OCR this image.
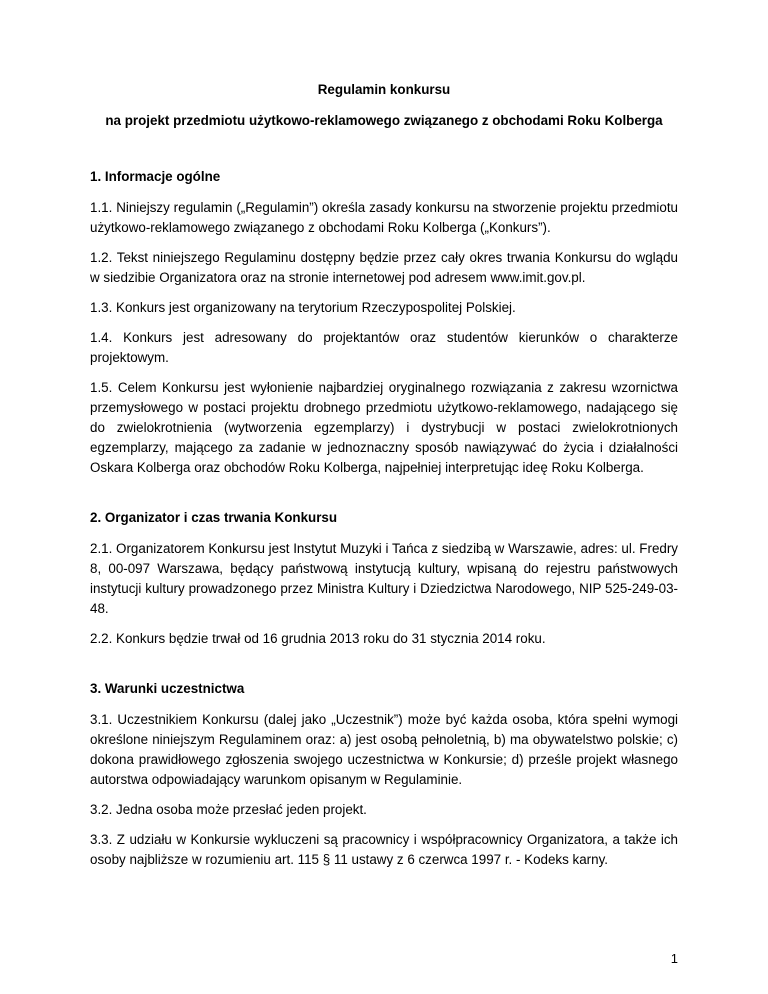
Regulamin konkursu

na projekt przedmiotu użytkowo-reklamowego związanego z obchodami Roku Kolberga

1. Informacje ogólne

1.1. Niniejszy regulamin („Regulamin”) określa zasady konkursu na stworzenie projektu przedmiotu użytkowo-reklamowego związanego z obchodami Roku Kolberga („Konkurs”).

1.2. Tekst niniejszego Regulaminu dostępny będzie przez cały okres trwania Konkursu do wglądu w siedzibie Organizatora oraz na stronie internetowej pod adresem www.imit.gov.pl.

1.3. Konkurs jest organizowany na terytorium Rzeczypospolitej Polskiej.

1.4. Konkurs jest adresowany do projektantów oraz studentów kierunków o charakterze projektowym.

1.5. Celem Konkursu jest wyłonienie najbardziej oryginalnego rozwiązania z zakresu wzornictwa przemysłowego w postaci projektu drobnego przedmiotu użytkowo-reklamowego, nadającego się do zwielokrotnienia (wytworzenia egzemplarzy) i dystrybucji w postaci zwielokrotnionych egzemplarzy, mającego za zadanie w jednoznaczny sposób nawiązywać do życia i działalności Oskara Kolberga oraz obchodów Roku Kolberga, najpełniej interpretując ideę Roku Kolberga.

2. Organizator i czas trwania Konkursu

2.1. Organizatorem Konkursu jest Instytut Muzyki i Tańca z siedzibą w Warszawie, adres: ul. Fredry 8, 00-097 Warszawa, będący państwową instytucją kultury, wpisaną do rejestru państwowych instytucji kultury prowadzonego przez Ministra Kultury i Dziedzictwa Narodowego, NIP 525-249-03-48.

2.2. Konkurs będzie trwał od 16 grudnia 2013 roku do 31 stycznia 2014 roku.

3. Warunki uczestnictwa

3.1. Uczestnikiem Konkursu (dalej jako „Uczestnik”) może być każda osoba, która spełni wymogi określone niniejszym Regulaminem oraz: a) jest osobą pełnoletnią, b) ma obywatelstwo polskie; c) dokona prawidłowego zgłoszenia swojego uczestnictwa w Konkursie; d) prześle projekt własnego autorstwa odpowiadający warunkom opisanym w Regulaminie.

3.2. Jedna osoba może przesłać jeden projekt.

3.3. Z udziału w Konkursie wykluczeni są pracownicy i współpracownicy Organizatora, a także ich osoby najbliższe w rozumieniu art. 115 § 11 ustawy z 6 czerwca 1997 r. - Kodeks karny.

1
